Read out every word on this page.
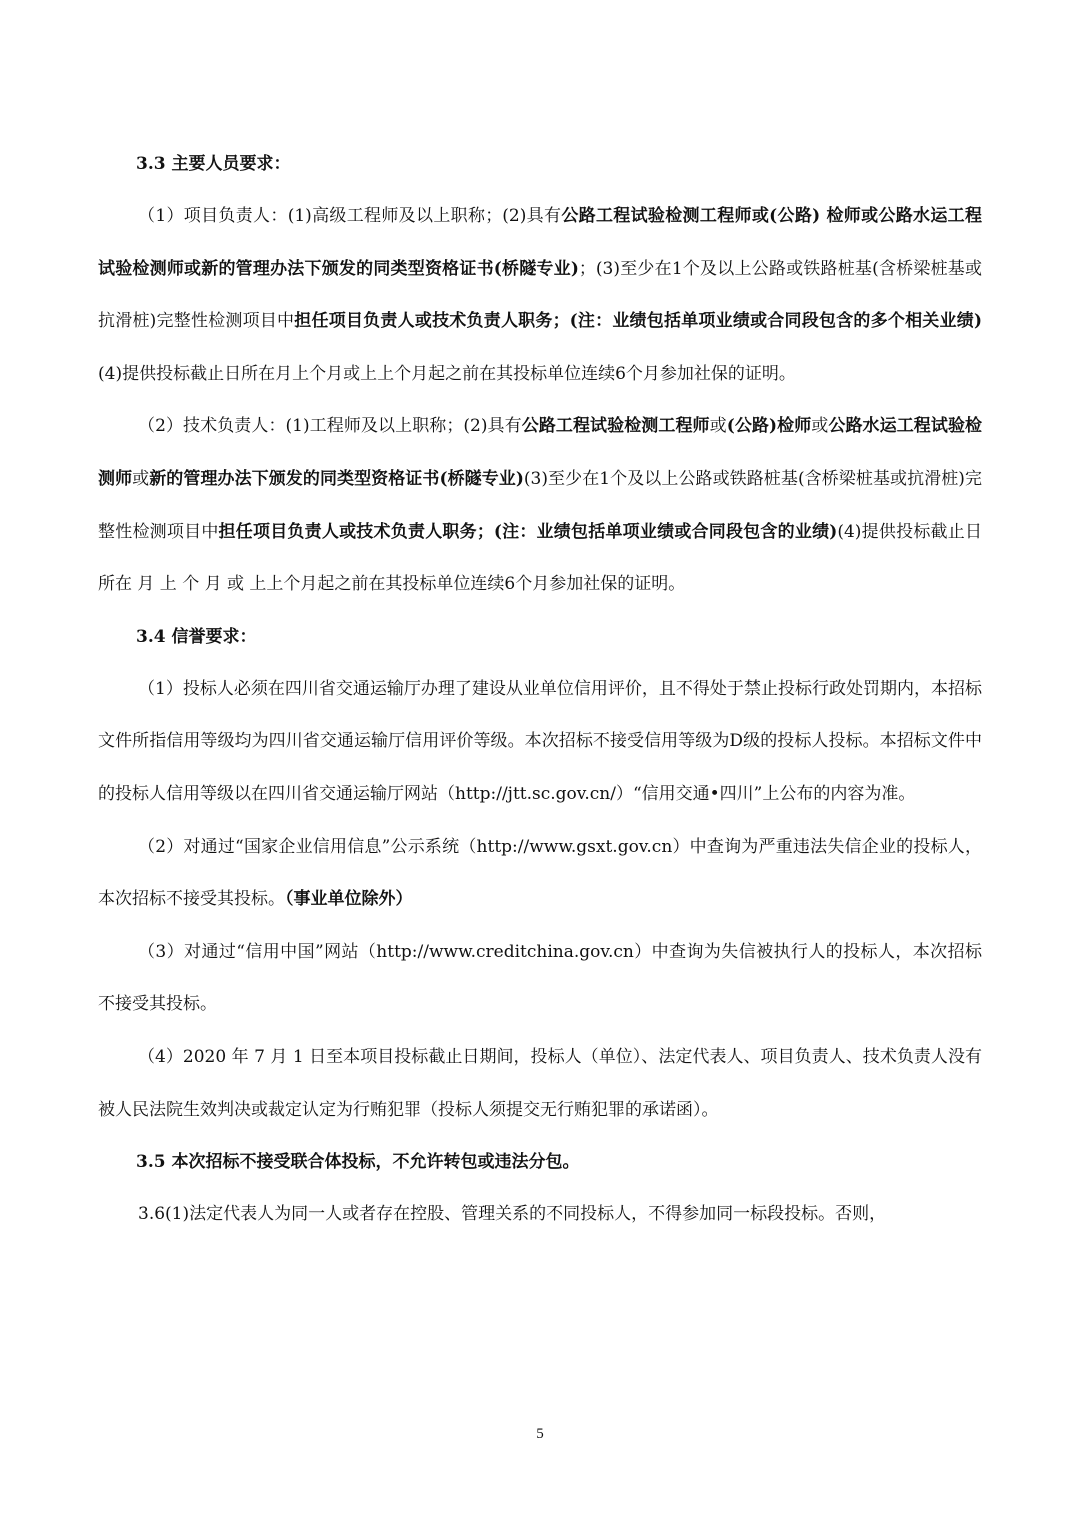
3.3 主要人员要求：

（1）项目负责人：(1)高级工程师及以上职称；(2)具有公路工程试验检测工程师或(公路) 检师或公路水运工程试验检测师或新的管理办法下颁发的同类型资格证书(桥隧专业)；(3)至少在1个及以上公路或铁路桩基(含桥梁桩基或抗滑桩)完整性检测项目中担任项目负责人或技术负责人职务；(注：业绩包括单项业绩或合同段包含的多个相关业绩)(4)提供投标截止日所在月上个月或上上个月起之前在其投标单位连续6个月参加社保的证明。

（2）技术负责人：(1)工程师及以上职称；(2)具有公路工程试验检测工程师或(公路)检师或公路水运工程试验检测师或新的管理办法下颁发的同类型资格证书(桥隧专业)(3)至少在1个及以上公路或铁路桩基(含桥梁桩基或抗滑桩)完整性检测项目中担任项目负责人或技术负责人职务；(注：业绩包括单项业绩或合同段包含的业绩)(4)提供投标截止日所在 月 上 个 月 或 上上个月起之前在其投标单位连续6个月参加社保的证明。

3.4 信誉要求：

（1）投标人必须在四川省交通运输厅办理了建设从业单位信用评价，且不得处于禁止投标行政处罚期内，本招标文件所指信用等级均为四川省交通运输厅信用评价等级。本次招标不接受信用等级为D级的投标人投标。本招标文件中的投标人信用等级以在四川省交通运输厅网站（http://jtt.sc.gov.cn/）“信用交通•四川”上公布的内容为准。

（2）对通过“国家企业信用信息”公示系统（http://www.gsxt.gov.cn）中查询为严重违法失信企业的投标人，本次招标不接受其投标。（事业单位除外）

（3）对通过“信用中国”网站（http://www.creditchina.gov.cn）中查询为失信被执行人的投标人，本次招标不接受其投标。

（4）2020 年 7 月 1 日至本项目投标截止日期间，投标人（单位）、法定代表人、项目负责人、技术负责人没有被人民法院生效判决或裁定认定为行贿犯罪（投标人须提交无行贿犯罪的承诺函）。

3.5 本次招标不接受联合体投标，不允许转包或违法分包。

3.6(1)法定代表人为同一人或者存在控股、管理关系的不同投标人，不得参加同一标段投标。否则，

5
